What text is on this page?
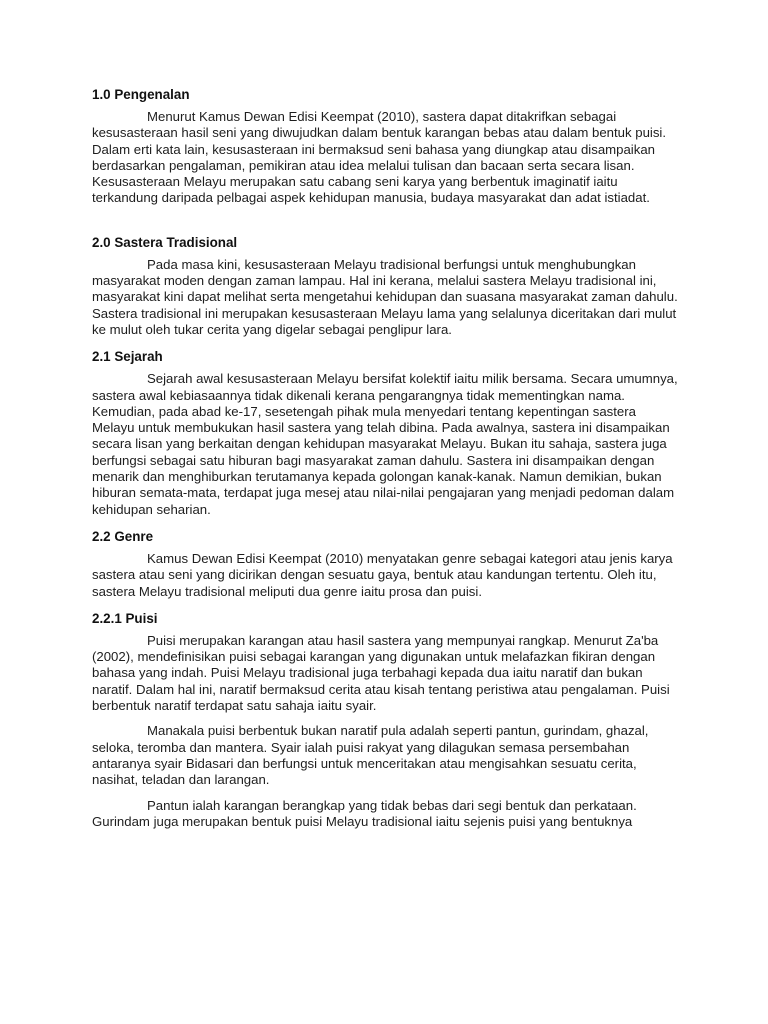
1.0 Pengenalan

Menurut Kamus Dewan Edisi Keempat (2010), sastera dapat ditakrifkan sebagai kesusasteraan hasil seni yang diwujudkan dalam bentuk karangan bebas atau dalam bentuk puisi. Dalam erti kata lain, kesusasteraan ini bermaksud seni bahasa yang diungkap atau disampaikan berdasarkan pengalaman, pemikiran atau idea melalui tulisan dan bacaan serta secara lisan. Kesusasteraan Melayu merupakan satu cabang seni karya yang berbentuk imaginatif iaitu terkandung daripada pelbagai aspek kehidupan manusia, budaya masyarakat dan adat istiadat.

2.0 Sastera Tradisional

Pada masa kini, kesusasteraan Melayu tradisional berfungsi untuk menghubungkan masyarakat moden dengan zaman lampau. Hal ini kerana, melalui sastera Melayu tradisional ini, masyarakat kini dapat melihat serta mengetahui kehidupan dan suasana masyarakat zaman dahulu. Sastera tradisional ini merupakan kesusasteraan Melayu lama yang selalunya diceritakan dari mulut ke mulut oleh tukar cerita yang digelar sebagai penglipur lara.

2.1 Sejarah

Sejarah awal kesusasteraan Melayu bersifat kolektif iaitu milik bersama. Secara umumnya, sastera awal kebiasaannya tidak dikenali kerana pengarangnya tidak mementingkan nama. Kemudian, pada abad ke-17, sesetengah pihak mula menyedari tentang kepentingan sastera Melayu untuk membukukan hasil sastera yang telah dibina. Pada awalnya, sastera ini disampaikan secara lisan yang berkaitan dengan kehidupan masyarakat Melayu. Bukan itu sahaja, sastera juga berfungsi sebagai satu hiburan bagi masyarakat zaman dahulu. Sastera ini disampaikan dengan menarik dan menghiburkan terutamanya kepada golongan kanak-kanak. Namun demikian, bukan hiburan semata-mata, terdapat juga mesej atau nilai-nilai pengajaran yang menjadi pedoman dalam kehidupan seharian.

2.2 Genre

Kamus Dewan Edisi Keempat (2010) menyatakan genre sebagai kategori atau jenis karya sastera atau seni yang dicirikan dengan sesuatu gaya, bentuk atau kandungan tertentu. Oleh itu, sastera Melayu tradisional meliputi dua genre iaitu prosa dan puisi.

2.2.1 Puisi

Puisi merupakan karangan atau hasil sastera yang mempunyai rangkap. Menurut Za'ba (2002), mendefinisikan puisi sebagai karangan yang digunakan untuk melafazkan fikiran dengan bahasa yang indah. Puisi Melayu tradisional juga terbahagi kepada dua iaitu naratif dan bukan naratif. Dalam hal ini, naratif bermaksud cerita atau kisah tentang peristiwa atau pengalaman. Puisi berbentuk naratif terdapat satu sahaja iaitu syair.

Manakala puisi berbentuk bukan naratif pula adalah seperti pantun, gurindam, ghazal, seloka, teromba dan mantera. Syair ialah puisi rakyat yang dilagukan semasa persembahan antaranya syair Bidasari dan berfungsi untuk menceritakan atau mengisahkan sesuatu cerita, nasihat, teladan dan larangan.

Pantun ialah karangan berangkap yang tidak bebas dari segi bentuk dan perkataan. Gurindam juga merupakan bentuk puisi Melayu tradisional iaitu sejenis puisi yang bentuknya
